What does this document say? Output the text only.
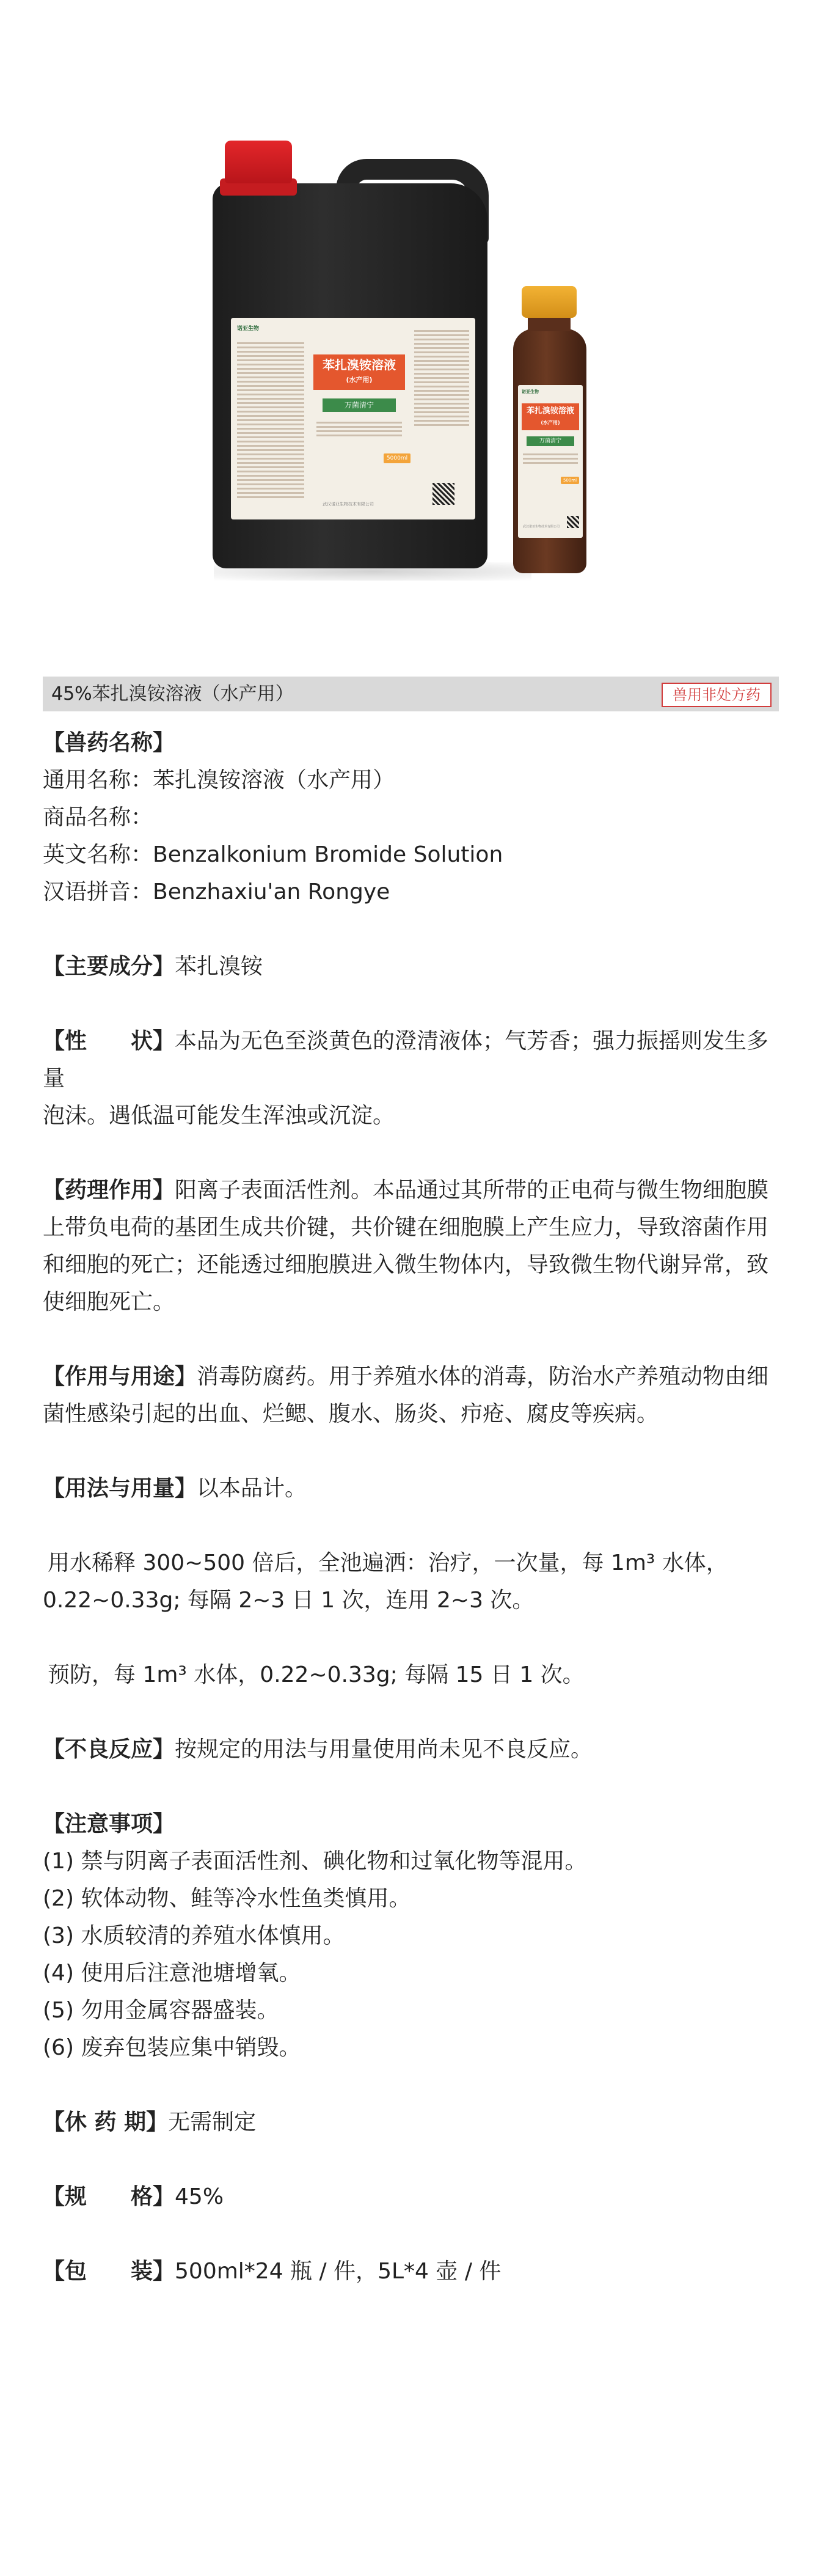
诺亚生物
苯扎溴铵溶液
(水产用)
万菌清宁
5000ml
武汉诺亚生物技术有限公司
诺亚生物
苯扎溴铵溶液
(水产用)
万菌清宁
500ml
武汉诺亚生物技术有限公司
45%苯扎溴铵溶液（水产用）	兽用非处方药

【兽药名称】

通用名称：苯扎溴铵溶液（水产用）

商品名称：

英文名称：Benzalkonium Bromide Solution

汉语拼音：Benzhaxiu'an Rongye

【主要成分】苯扎溴铵

【性　　状】本品为无色至淡黄色的澄清液体；气芳香；强力振摇则发生多量

泡沫。遇低温可能发生浑浊或沉淀。

【药理作用】阳离子表面活性剂。本品通过其所带的正电荷与微生物细胞膜

上带负电荷的基团生成共价键，共价键在细胞膜上产生应力，导致溶菌作用

和细胞的死亡；还能透过细胞膜进入微生物体内，导致微生物代谢异常，致

使细胞死亡。

【作用与用途】消毒防腐药。用于养殖水体的消毒，防治水产养殖动物由细

菌性感染引起的出血、烂鳃、腹水、肠炎、疖疮、腐皮等疾病。

【用法与用量】以本品计。

用水稀释 300~500 倍后，全池遍洒：治疗，一次量，每 1m³ 水体，

0.22~0.33g; 每隔 2~3 日 1 次，连用 2~3 次。

预防，每 1m³ 水体，0.22~0.33g; 每隔 15 日 1 次。

【不良反应】按规定的用法与用量使用尚未见不良反应。

【注意事项】

(1) 禁与阴离子表面活性剂、碘化物和过氧化物等混用。

(2) 软体动物、鲑等冷水性鱼类慎用。

(3) 水质较清的养殖水体慎用。

(4) 使用后注意池塘增氧。

(5) 勿用金属容器盛装。

(6) 废弃包装应集中销毁。

【休 药 期】无需制定

【规　　格】45%

【包　　装】500ml*24 瓶 / 件，5L*4 壶 / 件
